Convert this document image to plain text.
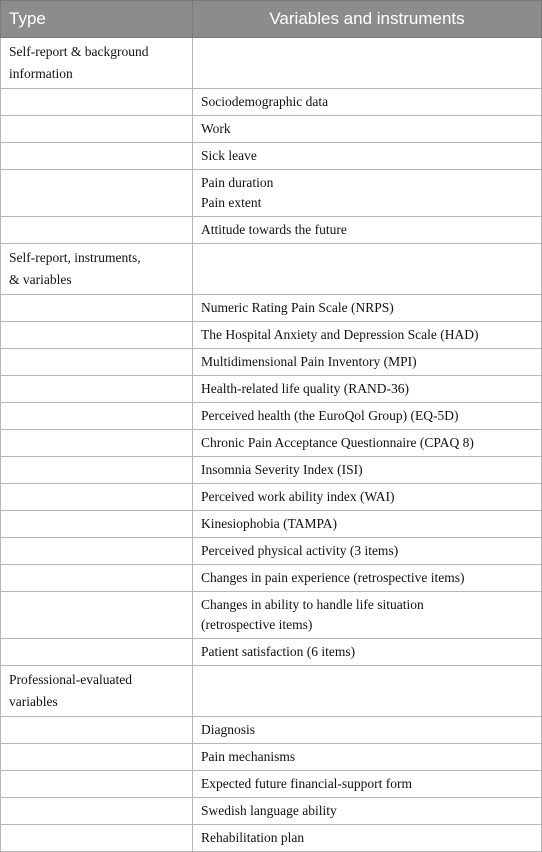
Type	Variables and instruments

Self-report & background
information	

	Sociodemographic data

	Work

	Sick leave

	Pain duration
Pain extent

	Attitude towards the future

Self-report, instruments,
& variables	

	Numeric Rating Pain Scale (NRPS)

	The Hospital Anxiety and Depression Scale (HAD)

	Multidimensional Pain Inventory (MPI)

	Health-related life quality (RAND-36)

	Perceived health (the EuroQol Group) (EQ-5D)

	Chronic Pain Acceptance Questionnaire (CPAQ 8)

	Insomnia Severity Index (ISI)

	Perceived work ability index (WAI)

	Kinesiophobia (TAMPA)

	Perceived physical activity (3 items)

	Changes in pain experience (retrospective items)

	Changes in ability to handle life situation
(retrospective items)

	Patient satisfaction (6 items)

Professional-evaluated
variables	

	Diagnosis

	Pain mechanisms

	Expected future financial-support form

	Swedish language ability

	Rehabilitation plan
